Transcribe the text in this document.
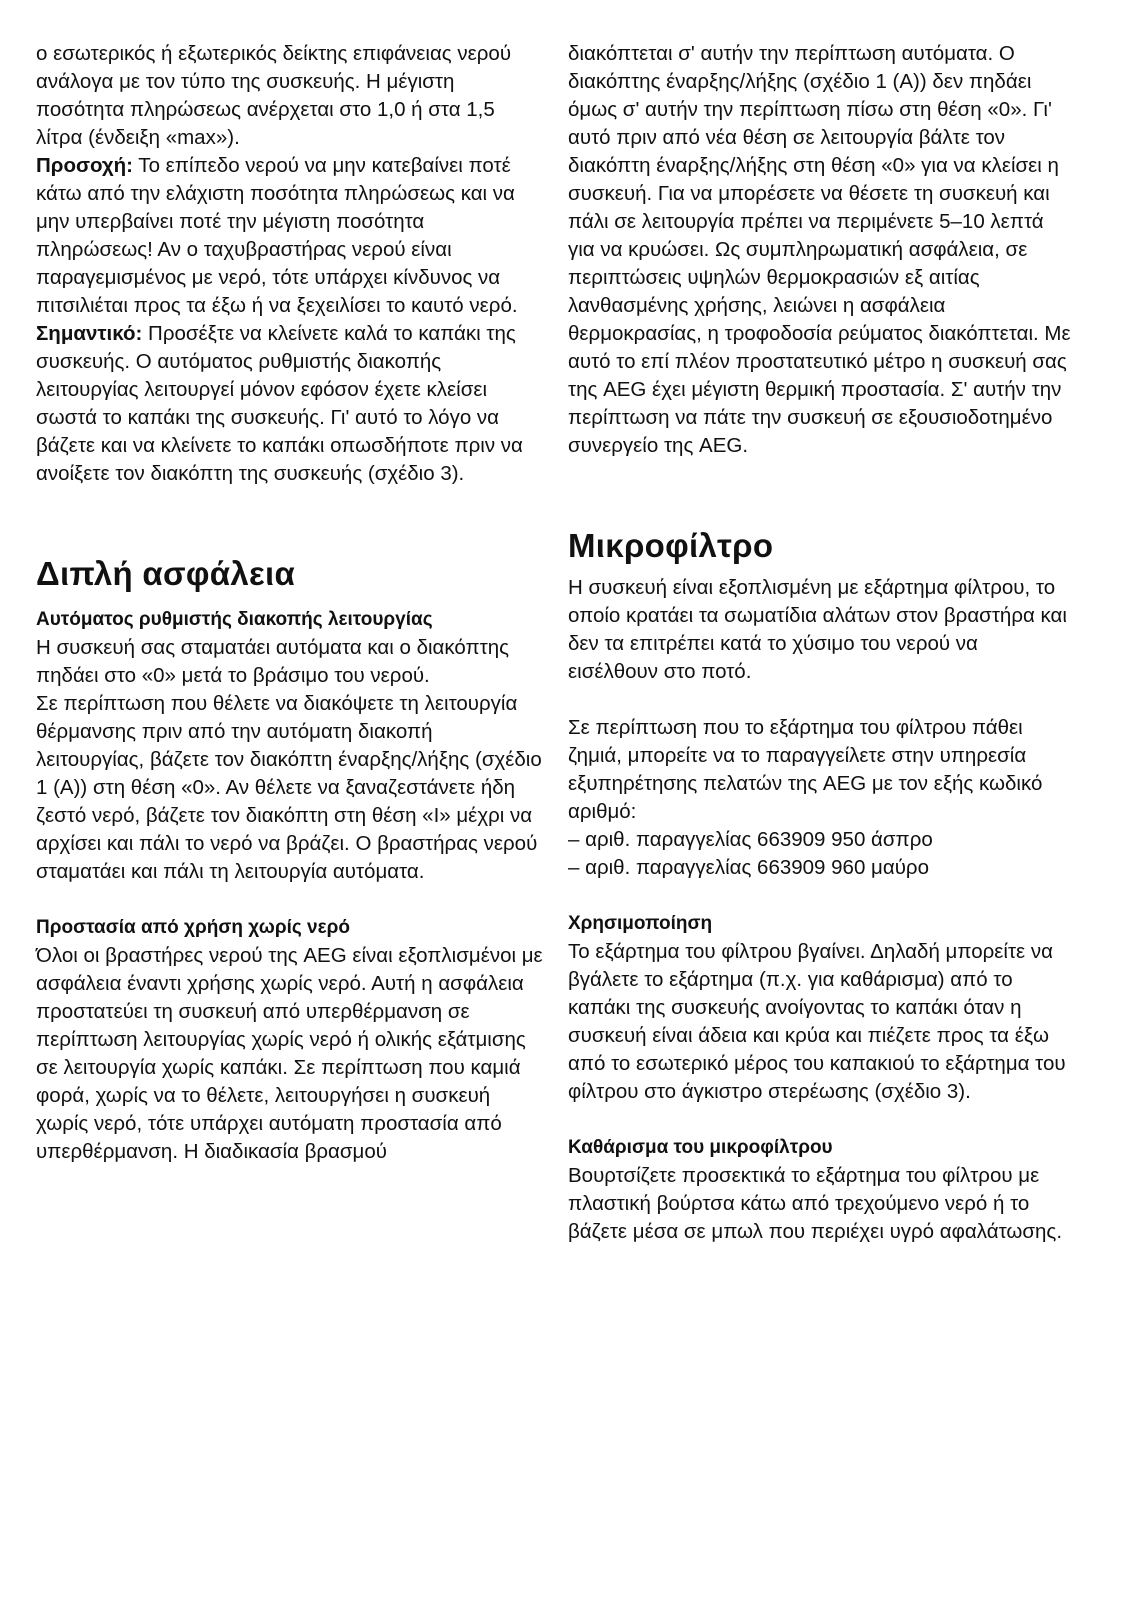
ο εσωτερικός ή εξωτερικός δείκτης επιφάνειας νερού ανάλογα με τον τύπο της συσκευής. Η μέγιστη ποσότητα πληρώσεως ανέρχεται στο 1,0 ή στα 1,5 λίτρα (ένδειξη «max»).

Προσοχή: Το επίπεδο νερού να μην κατεβαίνει ποτέ κάτω από την ελάχιστη ποσότητα πληρώσεως και να μην υπερβαίνει ποτέ την μέγιστη ποσότητα πληρώσεως! Αν ο ταχυβραστήρας νερού είναι παραγεμισμένος με νερό, τότε υπάρχει κίνδυνος να πιτσιλιέται προς τα έξω ή να ξεχειλίσει το καυτό νερό.

Σημαντικό: Προσέξτε να κλείνετε καλά το καπάκι της συσκευής. Ο αυτόματος ρυθμιστής διακοπής λειτουργίας λειτουργεί μόνον εφόσον έχετε κλείσει σωστά το καπάκι της συσκευής. Γι' αυτό το λόγο να βάζετε και να κλείνετε το καπάκι οπωσδήποτε πριν να ανοίξετε τον διακόπτη της συσκευής (σχέδιο 3).

Διπλή ασφάλεια
Αυτόματος ρυθμιστής διακοπής λειτουργίας

Η συσκευή σας σταματάει αυτόματα και ο διακόπτης πηδάει στο «0» μετά το βράσιμο του νερού.

Σε περίπτωση που θέλετε να διακόψετε τη λειτουργία θέρμανσης πριν από την αυτόματη διακοπή λειτουργίας, βάζετε τον διακόπτη έναρξης/λήξης (σχέδιο 1 (A)) στη θέση «0». Αν θέλετε να ξαναζεστάνετε ήδη ζεστό νερό, βάζετε τον διακόπτη στη θέση «I» μέχρι να αρχίσει και πάλι το νερό να βράζει. Ο βραστήρας νερού σταματάει και πάλι τη λειτουργία αυτόματα.

Προστασία από χρήση χωρίς νερό

Όλοι οι βραστήρες νερού της AEG είναι εξοπλισμένοι με ασφάλεια έναντι χρήσης χωρίς νερό. Αυτή η ασφάλεια προστατεύει τη συσκευή από υπερθέρμανση σε περίπτωση λειτουργίας χωρίς νερό ή ολικής εξάτμισης σε λειτουργία χωρίς καπάκι. Σε περίπτωση που καμιά φορά, χωρίς να το θέλετε, λειτουργήσει η συσκευή χωρίς νερό, τότε υπάρχει αυτόματη προστασία από υπερθέρμανση. Η διαδικασία βρασμού

διακόπτεται σ' αυτήν την περίπτωση αυτόματα. Ο διακόπτης έναρξης/λήξης (σχέδιο 1 (A)) δεν πηδάει όμως σ' αυτήν την περίπτωση πίσω στη θέση «0». Γι' αυτό πριν από νέα θέση σε λειτουργία βάλτε τον διακόπτη έναρξης/λήξης στη θέση «0» για να κλείσει η συσκευή. Για να μπορέσετε να θέσετε τη συσκευή και πάλι σε λειτουργία πρέπει να περιμένετε 5–10 λεπτά για να κρυώσει. Ως συμπληρωματική ασφάλεια, σε περιπτώσεις υψηλών θερμοκρασιών εξ αιτίας λανθασμένης χρήσης, λειώνει η ασφάλεια θερμοκρασίας, η τροφοδοσία ρεύματος διακόπτεται. Με αυτό το επί πλέον προστατευτικό μέτρο η συσκευή σας της AEG έχει μέγιστη θερμική προστασία. Σ' αυτήν την περίπτωση να πάτε την συσκευή σε εξουσιοδοτημένο συνεργείο της AEG.

Μικροφίλτρο

Η συσκευή είναι εξοπλισμένη με εξάρτημα φίλτρου, το οποίο κρατάει τα σωματίδια αλάτων στον βραστήρα και δεν τα επιτρέπει κατά το χύσιμο του νερού να εισέλθουν στο ποτό.

Σε περίπτωση που το εξάρτημα του φίλτρου πάθει ζημιά, μπορείτε να το παραγγείλετε στην υπηρεσία εξυπηρέτησης πελατών της AEG με τον εξής κωδικό αριθμό:

– αριθ. παραγγελίας 663909 950 άσπρο

– αριθ. παραγγελίας 663909 960 μαύρο

Χρησιμοποίηση

Το εξάρτημα του φίλτρου βγαίνει. Δηλαδή μπορείτε να βγάλετε το εξάρτημα (π.χ. για καθάρισμα) από το καπάκι της συσκευής ανοίγοντας το καπάκι όταν η συσκευή είναι άδεια και κρύα και πιέζετε προς τα έξω από το εσωτερικό μέρος του καπακιού το εξάρτημα του φίλτρου στο άγκιστρο στερέωσης (σχέδιο 3).

Καθάρισμα του μικροφίλτρου

Βουρτσίζετε προσεκτικά το εξάρτημα του φίλτρου με πλαστική βούρτσα κάτω από τρεχούμενο νερό ή το βάζετε μέσα σε μπωλ που περιέχει υγρό αφαλάτωσης.
